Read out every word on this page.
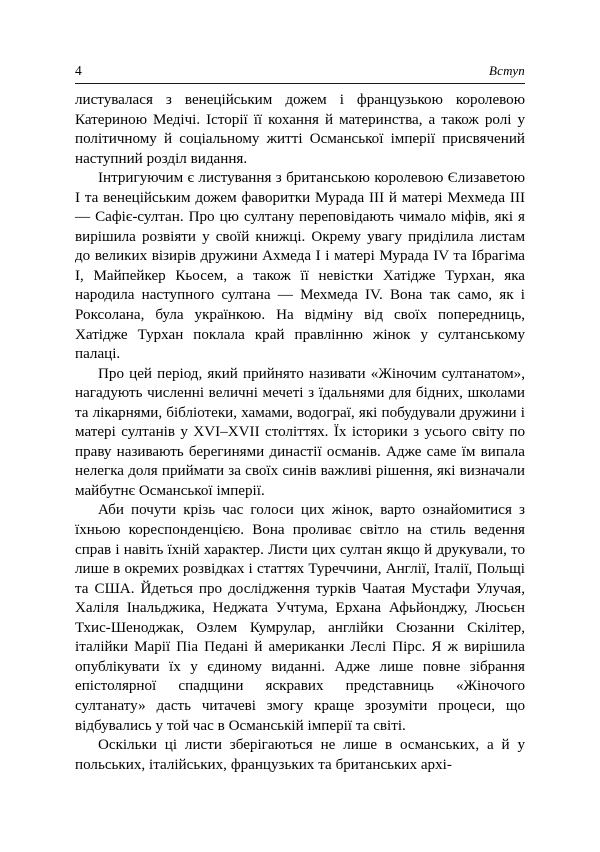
4	Вступ

листувалася з венеційським дожем і французькою королевою Катериною Медічі. Історії її кохання й материнства, а також ролі у політичному й соціальному житті Османської імперії присвячений наступний розділ видання.

Інтригуючим є листування з британською королевою Єлизаветою I та венеційським дожем фаворитки Мурада III й матері Мехмеда III — Сафіє-султан. Про цю султану переповідають чимало міфів, які я вирішила розвіяти у своїй книжці. Окрему увагу приділила листам до великих візирів дружини Ахмеда I і матері Мурада IV та Ібрагіма I, Майпейкер Кьосем, а також її невістки Хатідже Турхан, яка народила наступного султана — Мехмеда IV. Вона так само, як і Роксолана, була українкою. На відміну від своїх попередниць, Хатідже Турхан поклала край правлінню жінок у султанському палаці.

Про цей період, який прийнято називати «Жіночим султанатом», нагадують численні величні мечеті з їдальнями для бідних, школами та лікарнями, бібліотеки, хамами, водограї, які побудували дружини і матері султанів у XVI–XVII століттях. Їх історики з усього світу по праву називають берегинями династії османів. Адже саме їм випала нелегка доля приймати за своїх синів важливі рішення, які визначали майбутнє Османської імперії.

Аби почути крізь час голоси цих жінок, варто ознайомитися з їхньою кореспонденцією. Вона проливає світло на стиль ведення справ і навіть їхній характер. Листи цих султан якщо й друкували, то лише в окремих розвідках і статтях Туреччини, Англії, Італії, Польщі та США. Йдеться про дослідження турків Чаатая Мустафи Улучая, Халіля Інальджика, Неджата Учтума, Ерхана Афьйонджу, Люсьєн Тхис-Шеноджак, Озлем Кумрулар, англійки Сюзанни Скілітер, італійки Марії Піа Педані й американки Леслі Пірс. Я ж вирішила опублікувати їх у єдиному виданні. Адже лише повне зібрання епістолярної спадщини яскравих представниць «Жіночого султанату» дасть читачеві змогу краще зрозуміти процеси, що відбувались у той час в Османській імперії та світі.

Оскільки ці листи зберігаються не лише в османських, а й у польських, італійських, французьких та британських архі-
